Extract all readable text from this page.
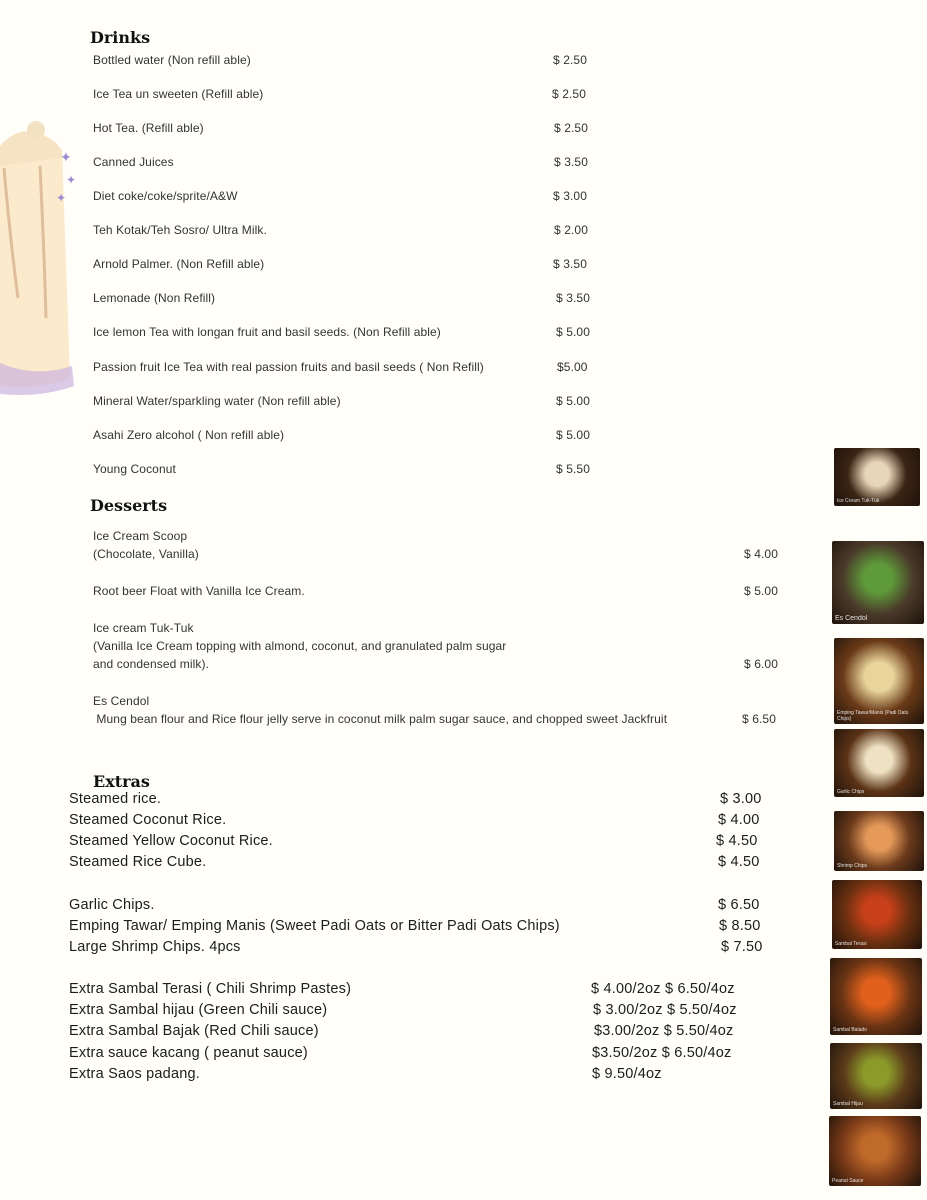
✦
✦
✦
Drinks
Bottled water (Non refill able)	$ 2.50
Ice Tea un sweeten (Refill able)	$ 2.50
Hot Tea. (Refill able)	$ 2.50
Canned Juices	$ 3.50
Diet coke/coke/sprite/A&W	$ 3.00
Teh Kotak/Teh Sosro/ Ultra Milk.	$ 2.00
Arnold Palmer. (Non Refill able)	$ 3.50
Lemonade (Non Refill)	$ 3.50
Ice lemon Tea with longan fruit and basil seeds. (Non Refill able)	$ 5.00
Passion fruit Ice Tea with real passion fruits and basil seeds ( Non Refill)	$5.00
Mineral Water/sparkling water (Non refill able)	$ 5.00
Asahi Zero alcohol ( Non refill able)	$ 5.00
Young Coconut	$ 5.50
Desserts
Ice Cream Scoop
(Chocolate, Vanilla)	$ 4.00
Root beer Float with Vanilla Ice Cream.	$ 5.00
Ice cream Tuk-Tuk
(Vanilla Ice Cream topping with almond, coconut, and granulated palm sugar
and condensed milk).	$ 6.00
Es Cendol
Mung bean flour and Rice flour jelly serve in coconut milk palm sugar sauce, and chopped sweet Jackfruit	$ 6.50
Extras
Steamed rice.	$ 3.00
Steamed Coconut Rice.	$ 4.00
Steamed Yellow Coconut Rice.	$ 4.50
Steamed Rice Cube.	$ 4.50
Garlic Chips.	$ 6.50
Emping Tawar/ Emping Manis (Sweet Padi Oats or Bitter Padi Oats Chips)	$ 8.50
Large Shrimp Chips. 4pcs	$ 7.50
Extra Sambal Terasi ( Chili Shrimp Pastes)	$ 4.00/2oz $ 6.50/4oz
Extra Sambal hijau (Green Chili sauce)	$ 3.00/2oz $ 5.50/4oz
Extra Sambal Bajak (Red Chili sauce)	$3.00/2oz $ 5.50/4oz
Extra sauce kacang ( peanut sauce)	$3.50/2oz $ 6.50/4oz
Extra Saos padang.	$ 9.50/4oz
Ice Cream Tuk-Tuk
Es Cendol
Emping Tawar/Manis (Padi Oats Chips)
Garlic Chips
Shrimp Chips
Sambal Terasi
Sambal Balado
Sambal Hijau
Peanut Sauce
